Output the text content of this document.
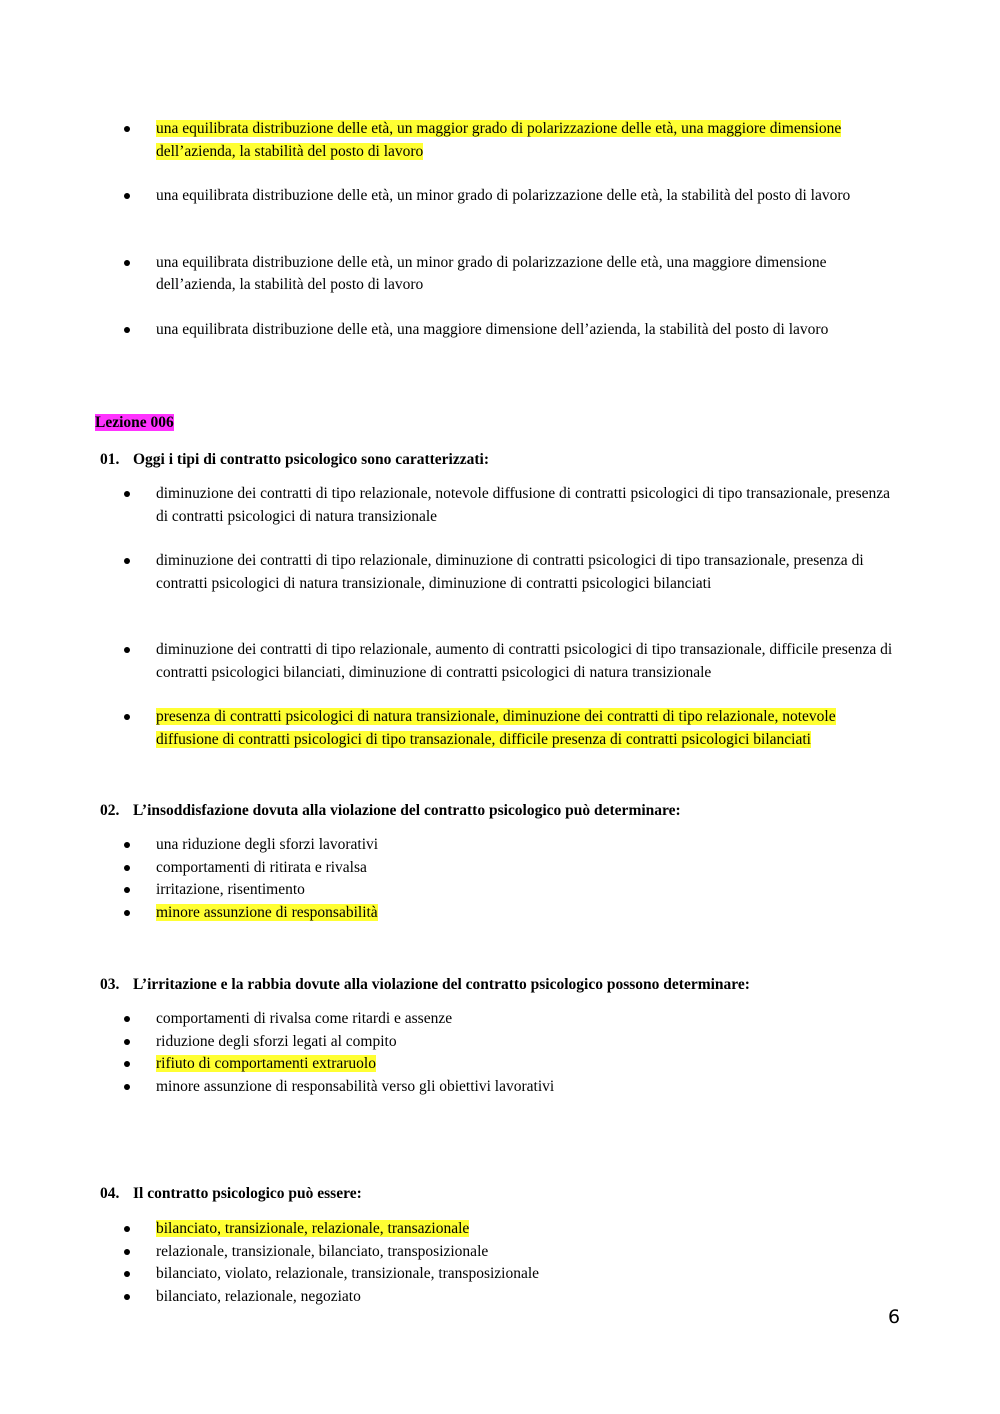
una equilibrata distribuzione delle età, un maggior grado di polarizzazione delle età, una maggiore dimensione dell’azienda, la stabilità del posto di lavoro
una equilibrata distribuzione delle età, un minor grado di polarizzazione delle età, la stabilità del posto di lavoro
una equilibrata distribuzione delle età, un minor grado di polarizzazione delle età, una maggiore dimensione dell’azienda, la stabilità del posto di lavoro
una equilibrata distribuzione delle età, una maggiore dimensione dell’azienda, la stabilità del posto di lavoro
Lezione 006
01. Oggi i tipi di contratto psicologico sono caratterizzati:
diminuzione dei contratti di tipo relazionale, notevole diffusione di contratti psicologici di tipo transazionale, presenza di contratti psicologici di natura transizionale
diminuzione dei contratti di tipo relazionale, diminuzione di contratti psicologici di tipo transazionale, presenza di contratti psicologici di natura transizionale, diminuzione di contratti psicologici bilanciati
diminuzione dei contratti di tipo relazionale, aumento di contratti psicologici di tipo transazionale, difficile presenza di contratti psicologici bilanciati, diminuzione di contratti psicologici di natura transizionale
presenza di contratti psicologici di natura transizionale, diminuzione dei contratti di tipo relazionale, notevole diffusione di contratti psicologici di tipo transazionale, difficile presenza di contratti psicologici bilanciati
02. L’insoddisfazione dovuta alla violazione del contratto psicologico può determinare:
una riduzione degli sforzi lavorativi
comportamenti di ritirata e rivalsa
irritazione, risentimento
minore assunzione di responsabilità
03. L’irritazione e la rabbia dovute alla violazione del contratto psicologico possono determinare:
comportamenti di rivalsa come ritardi e assenze
riduzione degli sforzi legati al compito
rifiuto di comportamenti extraruolo
minore assunzione di responsabilità verso gli obiettivi lavorativi
04. Il contratto psicologico può essere:
bilanciato, transizionale, relazionale, transazionale
relazionale, transizionale, bilanciato, transposizionale
bilanciato, violato, relazionale, transizionale, transposizionale
bilanciato, relazionale, negoziato
6
